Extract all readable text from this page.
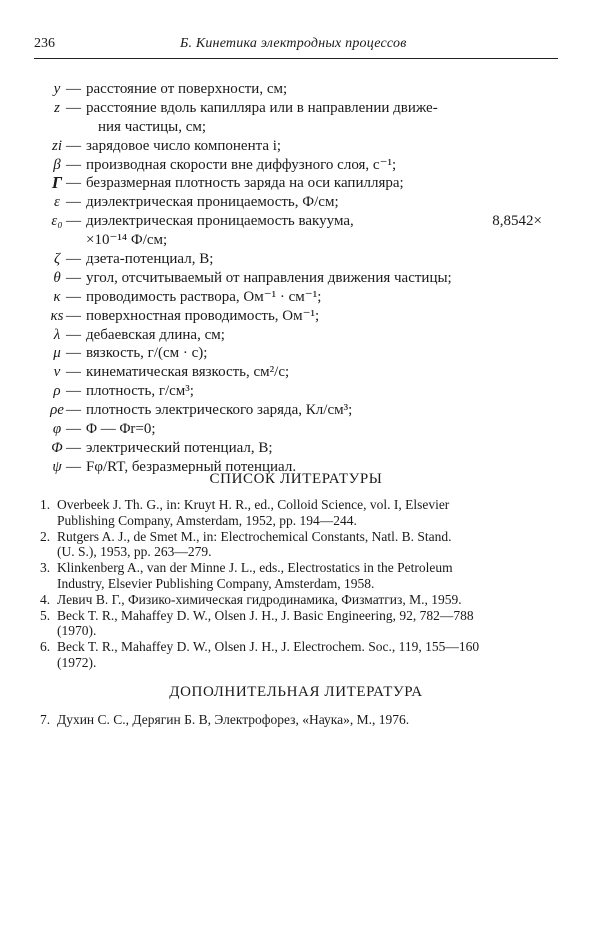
236	Б. Кинетика электродных процессов
y — расстояние от поверхности, см;
z — расстояние вдоль капилляра или в направлении движе-
ния частицы, см;
zi — зарядовое число компонента i;
β — производная скорости вне диффузного слоя, с⁻¹;
Γ — безразмерная плотность заряда на оси капилляра;
ε — диэлектрическая проницаемость, Ф/см;
ε₀ — диэлектрическая проницаемость вакуума,	8,8542×
×10⁻¹⁴ Ф/см;
ζ — дзета-потенциал, В;
θ — угол, отсчитываемый от направления движения частицы;
κ — проводимость раствора, Ом⁻¹ · см⁻¹;
κs — поверхностная проводимость, Ом⁻¹;
λ — дебаевская длина, см;
μ — вязкость, г/(см · с);
ν — кинематическая вязкость, см²/с;
ρ — плотность, г/см³;
ρe — плотность электрического заряда, Кл/см³;
φ — Φ — Φr=0;
Φ — электрический потенциал, В;
ψ — Fφ/RT, безразмерный потенциал.
СПИСОК ЛИТЕРАТУРЫ
1. Overbeek J. Th. G., in: Kruyt H. R., ed., Colloid Science, vol. I, Elsevier
Publishing Company, Amsterdam, 1952, pp. 194—244.
2. Rutgers A. J., de Smet M., in: Electrochemical Constants, Natl. B. Stand.
(U. S.), 1953, pp. 263—279.
3. Klinkenberg A., van der Minne J. L., eds., Electrostatics in the Petroleum
Industry, Elsevier Publishing Company, Amsterdam, 1958.
4. Левич В. Г., Физико-химическая гидродинамика, Физматгиз, М., 1959.
5. Beck T. R., Mahaffey D. W., Olsen J. H., J. Basic Engineering, 92, 782—788
(1970).
6. Beck T. R., Mahaffey D. W., Olsen J. H., J. Electrochem. Soc., 119, 155—160
(1972).
ДОПОЛНИТЕЛЬНАЯ ЛИТЕРАТУРА
7. Духин С. С., Дерягин Б. В, Электрофорез, «Наука», М., 1976.
